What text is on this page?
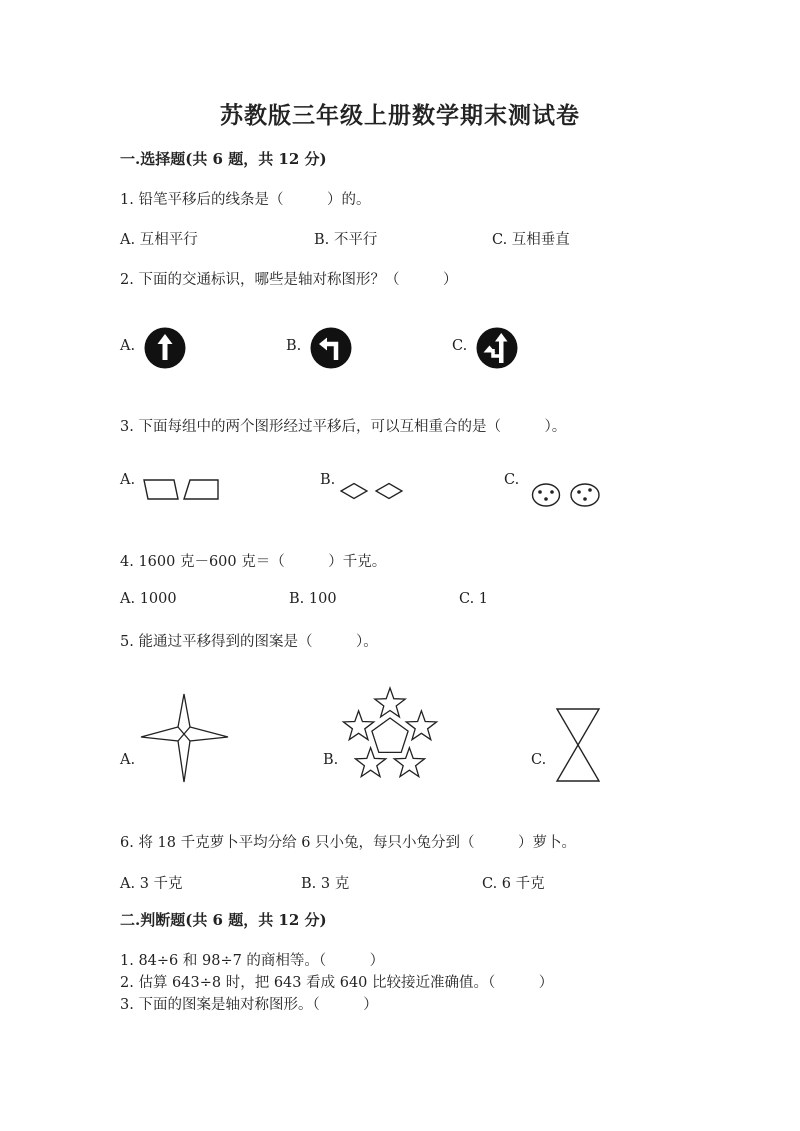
苏教版三年级上册数学期末测试卷
一.选择题(共 6 题，共 12 分)
1. 铅笔平移后的线条是（　　　）的。
A. 互相平行	B. 不平行	C. 互相垂直
2. 下面的交通标识，哪些是轴对称图形？（　　　）
A.	B.	C.
3. 下面每组中的两个图形经过平移后，可以互相重合的是（　　　）。
A.	B.	C.
4. 1600 克－600 克＝（　　　）千克。
A. 1000	B. 100	C. 1
5. 能通过平移得到的图案是（　　　）。
A.	B.	C.
6. 将 18 千克萝卜平均分给 6 只小兔，每只小兔分到（　　　）萝卜。
A. 3 千克	B. 3 克	C. 6 千克
二.判断题(共 6 题，共 12 分)
1. 84÷6 和 98÷7 的商相等。（　　　）
2. 估算 643÷8 时，把 643 看成 640 比较接近准确值。（　　　）
3. 下面的图案是轴对称图形。（　　　）
